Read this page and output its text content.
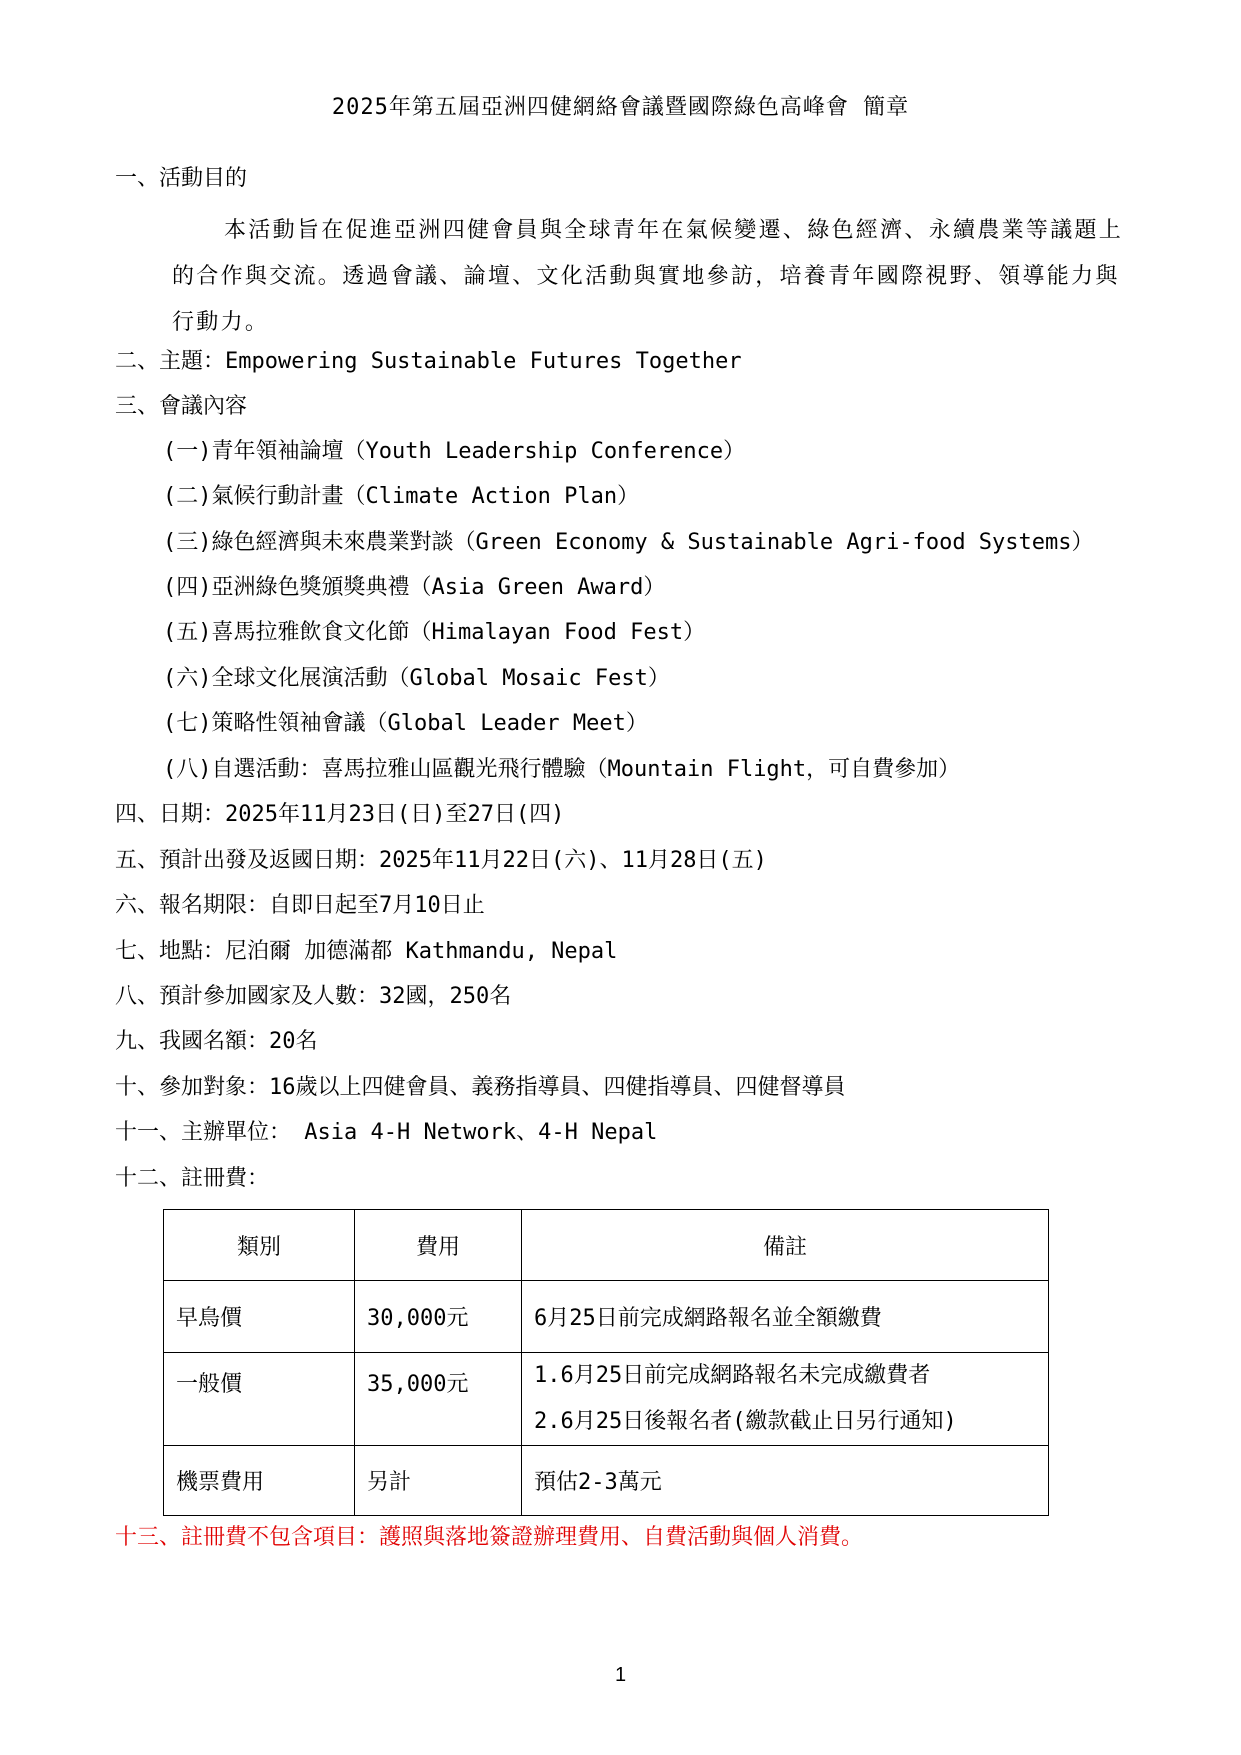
2025年第五屆亞洲四健網絡會議暨國際綠色高峰會 簡章
一、活動目的
本活動旨在促進亞洲四健會員與全球青年在氣候變遷、綠色經濟、永續農業等議題上的合作與交流。透過會議、論壇、文化活動與實地參訪，培養青年國際視野、領導能力與行動力。
二、主題：Empowering Sustainable Futures Together
三、會議內容
(一)青年領袖論壇（Youth Leadership Conference）
(二)氣候行動計畫（Climate Action Plan）
(三)綠色經濟與未來農業對談（Green Economy & Sustainable Agri-food Systems）
(四)亞洲綠色獎頒獎典禮（Asia Green Award）
(五)喜馬拉雅飲食文化節（Himalayan Food Fest）
(六)全球文化展演活動（Global Mosaic Fest）
(七)策略性領袖會議（Global Leader Meet）
(八)自選活動：喜馬拉雅山區觀光飛行體驗（Mountain Flight，可自費參加）
四、日期：2025年11月23日(日)至27日(四)
五、預計出發及返國日期：2025年11月22日(六)、11月28日(五)
六、報名期限：自即日起至7月10日止
七、地點：尼泊爾 加德滿都 Kathmandu, Nepal
八、預計參加國家及人數：32國，250名
九、我國名額：20名
十、參加對象：16歲以上四健會員、義務指導員、四健指導員、四健督導員
十一、主辦單位： Asia 4-H Network、4-H Nepal
十二、註冊費：
類別	費用	備註
早鳥價	30,000元	6月25日前完成網路報名並全額繳費
一般價	35,000元	1.6月25日前完成網路報名未完成繳費者
2.6月25日後報名者(繳款截止日另行通知)

機票費用	另計	預估2-3萬元
十三、註冊費不包含項目：護照與落地簽證辦理費用、自費活動與個人消費。
1
